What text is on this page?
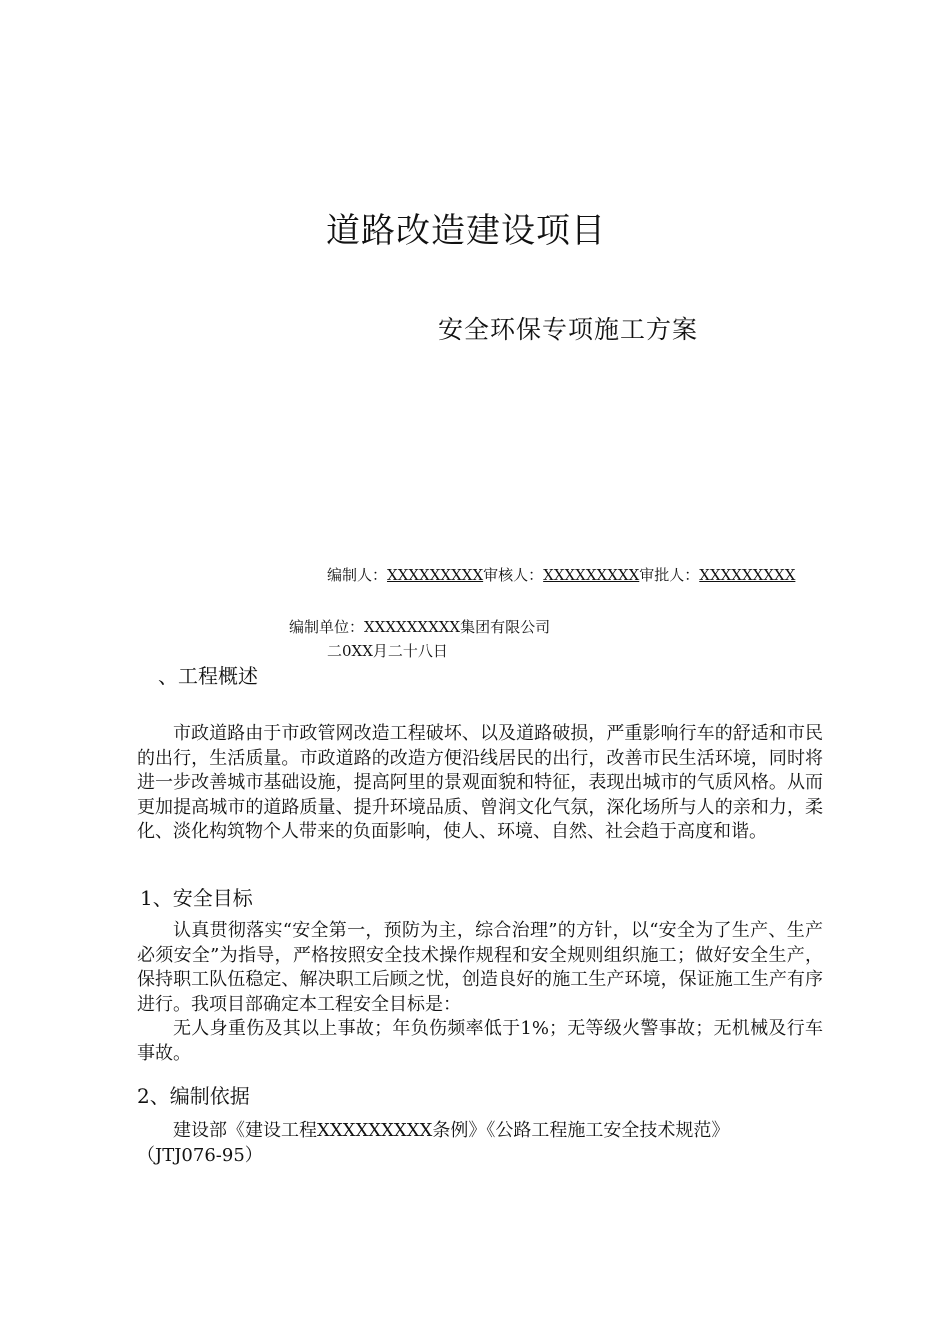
道路改造建设项目
安全环保专项施工方案
编制人：XXXXXXXXX审核人：XXXXXXXXX审批人：XXXXXXXXX
编制单位：XXXXXXXXX集团有限公司
二0XX月二十八日
、工程概述

市政道路由于市政管网改造工程破坏、以及道路破损，严重影响行车的舒适和市民的出行，生活质量。市政道路的改造方便沿线居民的出行，改善市民生活环境，同时将进一步改善城市基础设施，提高阿里的景观面貌和特征，表现出城市的气质风格。从而更加提高城市的道路质量、提升环境品质、曾润文化气氛，深化场所与人的亲和力，柔化、淡化构筑物个人带来的负面影响，使人、环境、自然、社会趋于高度和谐。

1、安全目标

认真贯彻落实“安全第一，预防为主，综合治理”的方针，以“安全为了生产、生产必须安全”为指导，严格按照安全技术操作规程和安全规则组织施工；做好安全生产，保持职工队伍稳定、解决职工后顾之忧，创造良好的施工生产环境，保证施工生产有序进行。我项目部确定本工程安全目标是：

无人身重伤及其以上事故；年负伤频率低于1%；无等级火警事故；无机械及行车事故。

2、编制依据

建设部《建设工程XXXXXXXXX条例》《公路工程施工安全技术规范》

（JTJ076-95）
